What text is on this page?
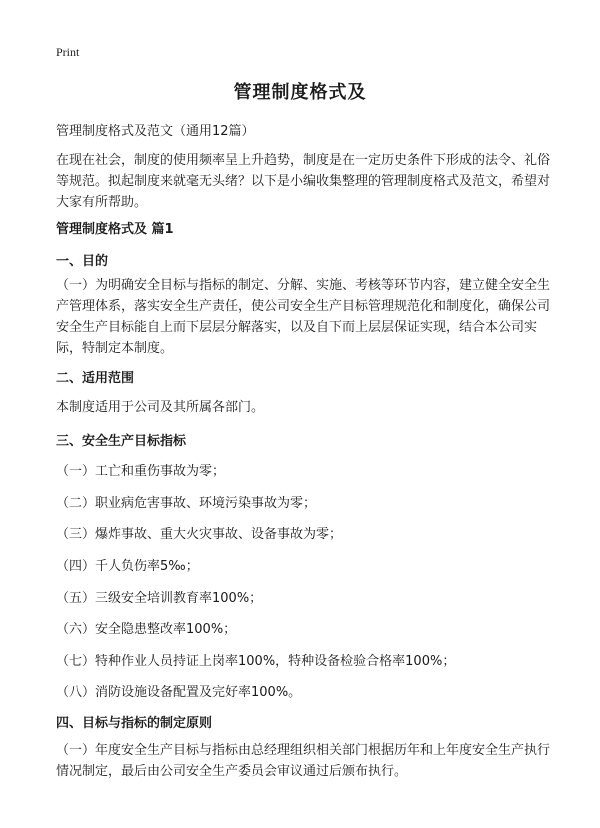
Print
管理制度格式及
管理制度格式及范文（通用12篇）
在现在社会，制度的使用频率呈上升趋势，制度是在一定历史条件下形成的法令、礼俗等规范。拟起制度来就毫无头绪？以下是小编收集整理的管理制度格式及范文，希望对大家有所帮助。
管理制度格式及 篇1
一、目的
（一）为明确安全目标与指标的制定、分解、实施、考核等环节内容，建立健全安全生产管理体系，落实安全生产责任，使公司安全生产目标管理规范化和制度化，确保公司安全生产目标能自上而下层层分解落实，以及自下而上层层保证实现，结合本公司实际，特制定本制度。
二、适用范围
本制度适用于公司及其所属各部门。
三、安全生产目标指标
（一）工亡和重伤事故为零；
（二）职业病危害事故、环境污染事故为零；
（三）爆炸事故、重大火灾事故、设备事故为零；
（四）千人负伤率5‰；
（五）三级安全培训教育率100%；
（六）安全隐患整改率100%；
（七）特种作业人员持证上岗率100%，特种设备检验合格率100%；
（八）消防设施设备配置及完好率100%。
四、目标与指标的制定原则
（一）年度安全生产目标与指标由总经理组织相关部门根据历年和上年度安全生产执行情况制定，最后由公司安全生产委员会审议通过后颁布执行。
